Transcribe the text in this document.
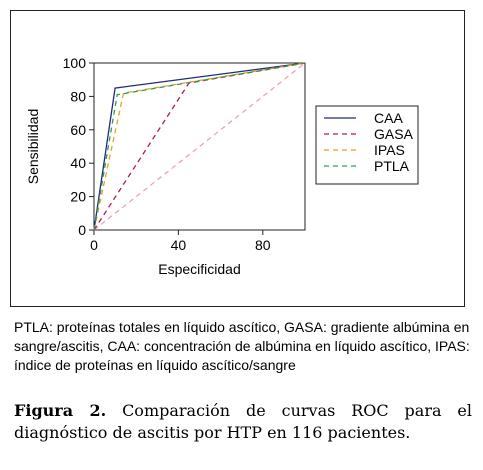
0
20
40
60
80
100
0	40	80
Especificidad
Sensibilidad	CAA
GASA
IPAS
PTLA

PTLA: proteínas totales en líquido ascítico, GASA: gradiente albúmina en sangre/ascitis, CAA: concentración de albúmina en líquido ascítico, IPAS: índice de proteínas en líquido ascítico/sangre

Figura 2. Comparación de curvas ROC para el diagnóstico de ascitis por HTP en 116 pacientes.
